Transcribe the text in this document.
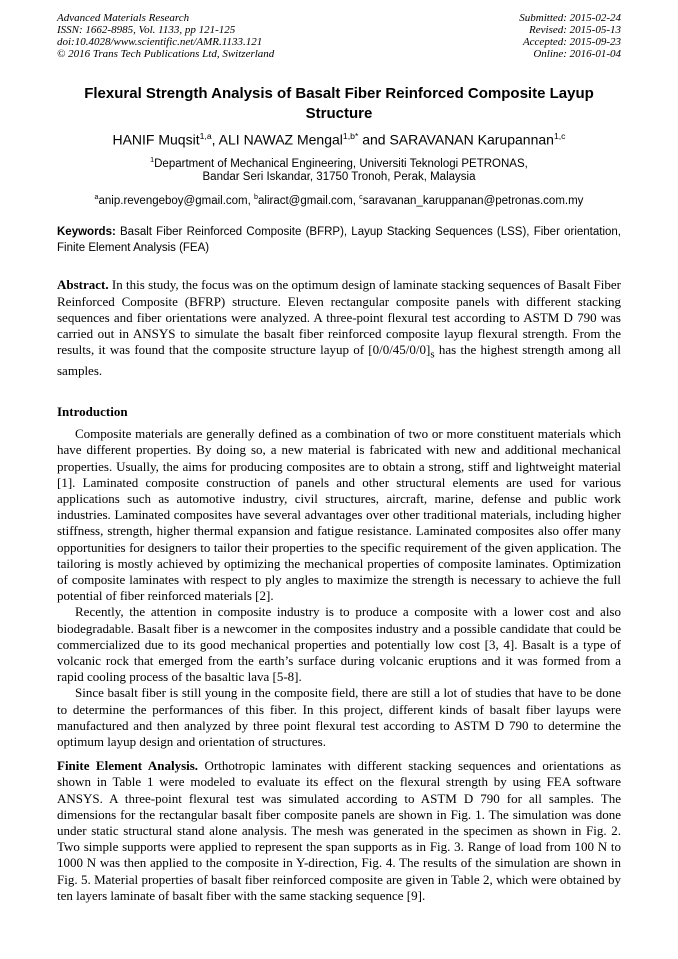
Advanced Materials Research
ISSN: 1662-8985, Vol. 1133, pp 121-125
doi:10.4028/www.scientific.net/AMR.1133.121
© 2016 Trans Tech Publications Ltd, Switzerland
Submitted: 2015-02-24
Revised: 2015-05-13
Accepted: 2015-09-23
Online: 2016-01-04
Flexural Strength Analysis of Basalt Fiber Reinforced Composite Layup Structure
HANIF Muqsit$^{1,a}$, ALI NAWAZ Mengal$^{1,b*}$ and SARAVANAN Karupannan$^{1,c}$
$^1$Department of Mechanical Engineering, Universiti Teknologi PETRONAS,
Bandar Seri Iskandar, 31750 Tronoh, Perak, Malaysia
$^a$anip.revengeboy@gmail.com, $^b$aliract@gmail.com, $^c$saravanan_karuppanan@petronas.com.my

Keywords: Basalt Fiber Reinforced Composite (BFRP), Layup Stacking Sequences (LSS), Fiber orientation, Finite Element Analysis (FEA)

Abstract. In this study, the focus was on the optimum design of laminate stacking sequences of Basalt Fiber Reinforced Composite (BFRP) structure. Eleven rectangular composite panels with different stacking sequences and fiber orientations were analyzed. A three-point flexural test according to ASTM D 790 was carried out in ANSYS to simulate the basalt fiber reinforced composite layup flexural strength. From the results, it was found that the composite structure layup of $[0/0/45/0/0]_s$ has the highest strength among all samples.

Introduction

Composite materials are generally defined as a combination of two or more constituent materials which have different properties. By doing so, a new material is fabricated with new and additional mechanical properties. Usually, the aims for producing composites are to obtain a strong, stiff and lightweight material [1]. Laminated composite construction of panels and other structural elements are used for various applications such as automotive industry, civil structures, aircraft, marine, defense and public work industries. Laminated composites have several advantages over other traditional materials, including higher stiffness, strength, higher thermal expansion and fatigue resistance. Laminated composites also offer many opportunities for designers to tailor their properties to the specific requirement of the given application. The tailoring is mostly achieved by optimizing the mechanical properties of composite laminates. Optimization of composite laminates with respect to ply angles to maximize the strength is necessary to achieve the full potential of fiber reinforced materials [2].

Recently, the attention in composite industry is to produce a composite with a lower cost and also biodegradable. Basalt fiber is a newcomer in the composites industry and a possible candidate that could be commercialized due to its good mechanical properties and potentially low cost [3, 4]. Basalt is a type of volcanic rock that emerged from the earth’s surface during volcanic eruptions and it was formed from a rapid cooling process of the basaltic lava [5-8].

Since basalt fiber is still young in the composite field, there are still a lot of studies that have to be done to determine the performances of this fiber. In this project, different kinds of basalt fiber layups were manufactured and then analyzed by three point flexural test according to ASTM D 790 to determine the optimum layup design and orientation of structures.

Finite Element Analysis. Orthotropic laminates with different stacking sequences and orientations as shown in Table 1 were modeled to evaluate its effect on the flexural strength by using FEA software ANSYS. A three-point flexural test was simulated according to ASTM D 790 for all samples. The dimensions for the rectangular basalt fiber composite panels are shown in Fig. 1. The simulation was done under static structural stand alone analysis. The mesh was generated in the specimen as shown in Fig. 2. Two simple supports were applied to represent the span supports as in Fig. 3. Range of load from 100 N to 1000 N was then applied to the composite in Y-direction, Fig. 4. The results of the simulation are shown in Fig. 5. Material properties of basalt fiber reinforced composite are given in Table 2, which were obtained by ten layers laminate of basalt fiber with the same stacking sequence [9].
